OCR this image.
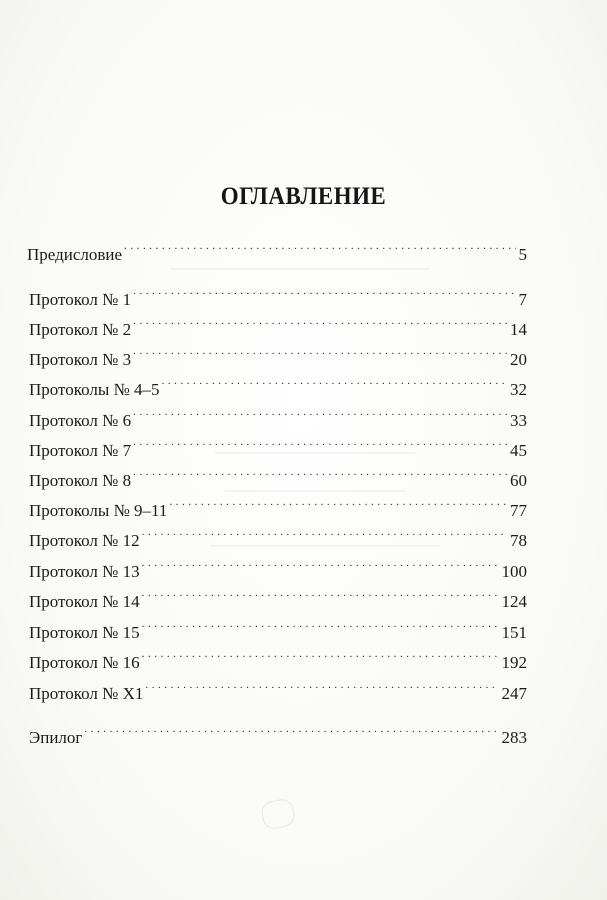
ОГЛАВЛЕНИЕ
Предисловие . . .	5
Протокол № 1 . . .	7
Протокол № 2 . . .	14
Протокол № 3 . . .	20
Протоколы № 4–5 . . .	32
Протокол № 6 . . .	33
Протокол № 7 . . .	45
Протокол № 8 . . .	60
Протоколы № 9–11 . . .	77
Протокол № 12 . . .	78
Протокол № 13 . . .	100
Протокол № 14 . . .	124
Протокол № 15 . . .	151
Протокол № 16 . . .	192
Протокол № X1 . . .	247
Эпилог . . .	283
